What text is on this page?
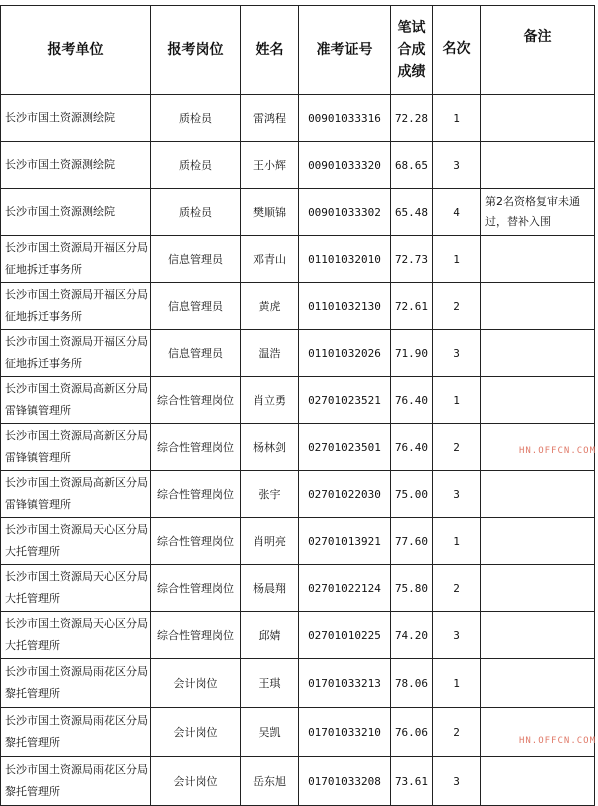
报考单位	报考岗位	姓名	准考证号	笔试合成成绩	名次	备注
长沙市国土资源测绘院	质检员	雷鸿程	00901033316	72.28	1	
长沙市国土资源测绘院	质检员	王小辉	00901033320	68.65	3	
长沙市国土资源测绘院	质检员	樊顺锦	00901033302	65.48	4	第2名资格复审未通过，替补入围
长沙市国土资源局开福区分局征地拆迁事务所	信息管理员	邓青山	01101032010	72.73	1	
长沙市国土资源局开福区分局征地拆迁事务所	信息管理员	黄虎	01101032130	72.61	2	
长沙市国土资源局开福区分局征地拆迁事务所	信息管理员	温浩	01101032026	71.90	3	
长沙市国土资源局高新区分局雷锋镇管理所	综合性管理岗位	肖立勇	02701023521	76.40	1	
长沙市国土资源局高新区分局雷锋镇管理所	综合性管理岗位	杨林剑	02701023501	76.40	2	
长沙市国土资源局高新区分局雷锋镇管理所	综合性管理岗位	张宇	02701022030	75.00	3	
长沙市国土资源局天心区分局大托管理所	综合性管理岗位	肖明亮	02701013921	77.60	1	
长沙市国土资源局天心区分局大托管理所	综合性管理岗位	杨晨翔	02701022124	75.80	2	
长沙市国土资源局天心区分局大托管理所	综合性管理岗位	邱婧	02701010225	74.20	3	
长沙市国土资源局雨花区分局黎托管理所	会计岗位	王琪	01701033213	78.06	1	
长沙市国土资源局雨花区分局黎托管理所	会计岗位	吴凯	01701033210	76.06	2	
长沙市国土资源局雨花区分局黎托管理所	会计岗位	岳东旭	01701033208	73.61	3	
HN.OFFCN.COM
HN.OFFCN.COM
